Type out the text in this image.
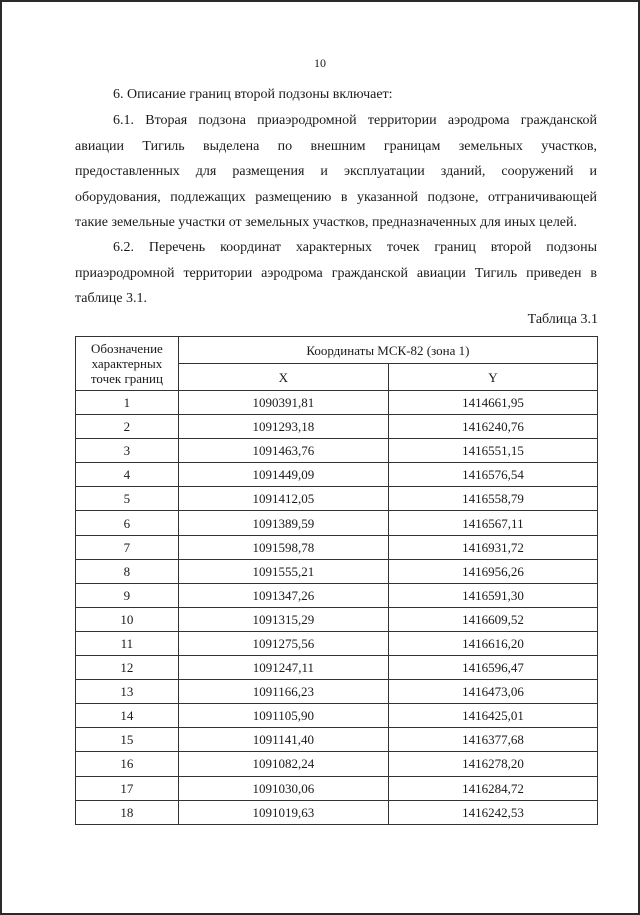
10
6. Описание границ второй подзоны включает:
6.1. Вторая подзона приаэродромной территории аэродрома гражданской авиации Тигиль выделена по внешним границам земельных участков, предоставленных для размещения и эксплуатации зданий, сооружений и оборудования, подлежащих размещению в указанной подзоне, отграничивающей такие земельные участки от земельных участков, предназначенных для иных целей.
6.2. Перечень координат характерных точек границ второй подзоны приаэродромной территории аэродрома гражданской авиации Тигиль приведен в таблице 3.1.
Таблица 3.1
Обозначение характерных точек границ	Координаты МСК-82 (зона 1)	
	X	Y
1	1090391,81	1414661,95
2	1091293,18	1416240,76
3	1091463,76	1416551,15
4	1091449,09	1416576,54
5	1091412,05	1416558,79
6	1091389,59	1416567,11
7	1091598,78	1416931,72
8	1091555,21	1416956,26
9	1091347,26	1416591,30
10	1091315,29	1416609,52
11	1091275,56	1416616,20
12	1091247,11	1416596,47
13	1091166,23	1416473,06
14	1091105,90	1416425,01
15	1091141,40	1416377,68
16	1091082,24	1416278,20
17	1091030,06	1416284,72
18	1091019,63	1416242,53
